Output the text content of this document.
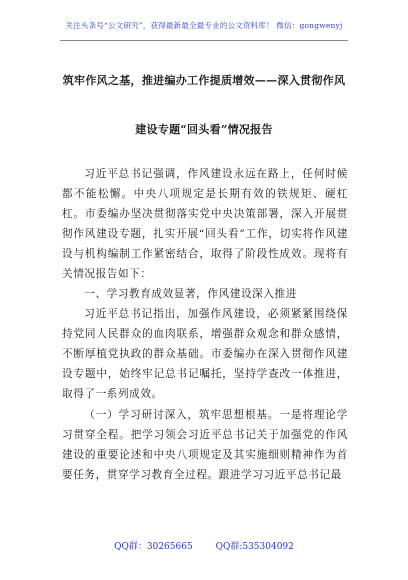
关注头条号“公文研究”，获得最新最全最专业的公文资料库！ 微信：gongwenyj
筑牢作风之基，推进编办工作提质增效——深入贯彻作风
建设专题“回头看”情况报告

习近平总书记强调，作风建设永远在路上，任何时候都不能松懈。中央八项规定是长期有效的铁规矩、硬杠杠。市委编办坚决贯彻落实党中央决策部署，深入开展贯彻作风建设专题，扎实开展“回头看”工作，切实将作风建设与机构编制工作紧密结合，取得了阶段性成效。现将有关情况报告如下：

一、学习教育成效显著，作风建设深入推进

习近平总书记指出，加强作风建设，必须紧紧围绕保持党同人民群众的血肉联系，增强群众观念和群众感情，不断厚植党执政的群众基础。市委编办在深入贯彻作风建设专题中，始终牢记总书记嘱托，坚持学查改一体推进，取得了一系列成效。

（一）学习研讨深入，筑牢思想根基。一是将理论学习贯穿全程。把学习领会习近平总书记关于加强党的作风建设的重要论述和中央八项规定及其实施细则精神作为首要任务，贯穿学习教育全过程。跟进学习习近平总书记最

QQ群：30265665	QQ群:535304092
